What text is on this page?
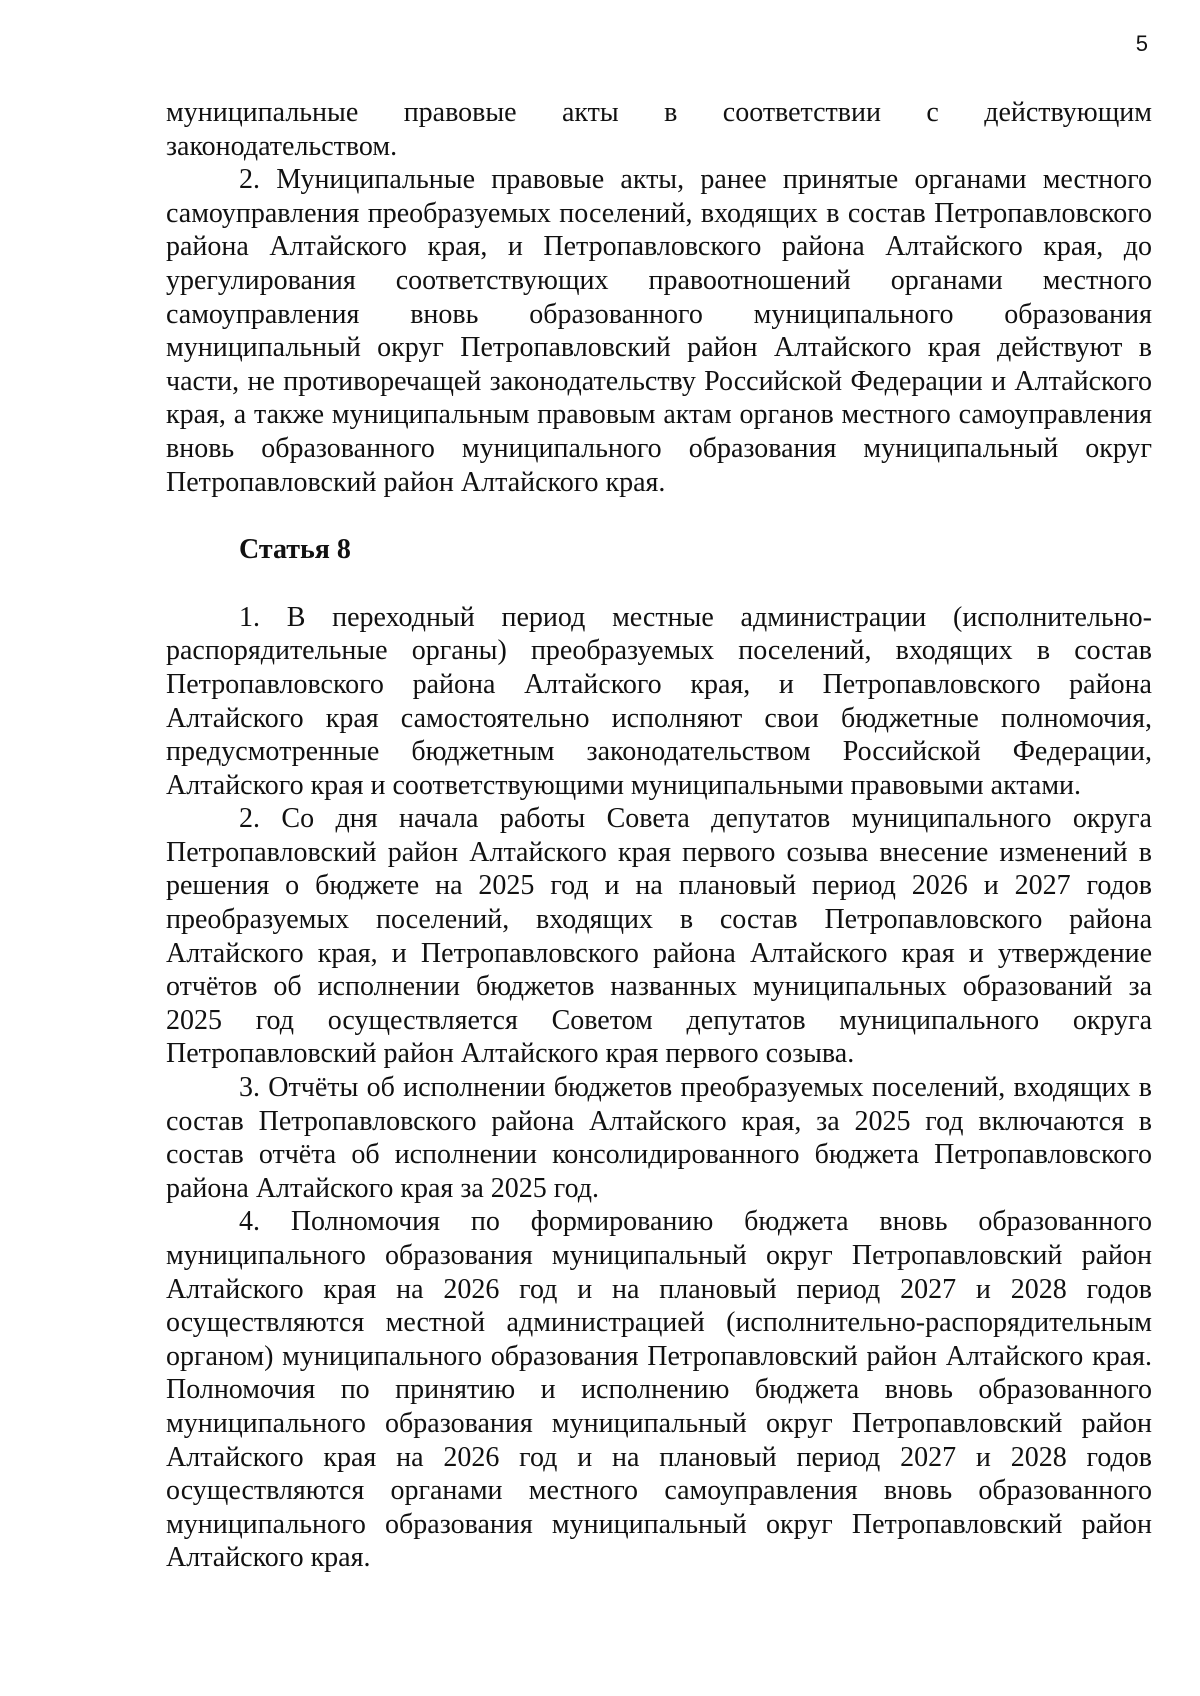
5

муниципальные правовые акты в соответствии с действующим законодательством.

2. Муниципальные правовые акты, ранее принятые органами местного самоуправления преобразуемых поселений, входящих в состав Петропавловского района Алтайского края, и Петропавловского района Алтайского края, до урегулирования соответствующих правоотношений органами местного самоуправления вновь образованного муниципального образования муниципальный округ Петропавловский район Алтайского края действуют в части, не противоречащей законодательству Российской Федерации и Алтайского края, а также муниципальным правовым актам органов местного самоуправления вновь образованного муниципального образования муниципальный округ Петропавловский район Алтайского края.

Статья 8

1. В переходный период местные администрации (исполнительно-распорядительные органы) преобразуемых поселений, входящих в состав Петропавловского района Алтайского края, и Петропавловского района Алтайского края самостоятельно исполняют свои бюджетные полномочия, предусмотренные бюджетным законодательством Российской Федерации, Алтайского края и соответствующими муниципальными правовыми актами.

2. Со дня начала работы Совета депутатов муниципального округа Петропавловский район Алтайского края первого созыва внесение изменений в решения о бюджете на 2025 год и на плановый период 2026 и 2027 годов преобразуемых поселений, входящих в состав Петропавловского района Алтайского края, и Петропавловского района Алтайского края и утверждение отчётов об исполнении бюджетов названных муниципальных образований за 2025 год осуществляется Советом депутатов муниципального округа Петропавловский район Алтайского края первого созыва.

3. Отчёты об исполнении бюджетов преобразуемых поселений, входящих в состав Петропавловского района Алтайского края, за 2025 год включаются в состав отчёта об исполнении консолидированного бюджета Петропавловского района Алтайского края за 2025 год.

4. Полномочия по формированию бюджета вновь образованного муниципального образования муниципальный округ Петропавловский район Алтайского края на 2026 год и на плановый период 2027 и 2028 годов осуществляются местной администрацией (исполнительно-распорядительным органом) муниципального образования Петропавловский район Алтайского края. Полномочия по принятию и исполнению бюджета вновь образованного муниципального образования муниципальный округ Петропавловский район Алтайского края на 2026 год и на плановый период 2027 и 2028 годов осуществляются органами местного самоуправления вновь образованного муниципального образования муниципальный округ Петропавловский район Алтайского края.
